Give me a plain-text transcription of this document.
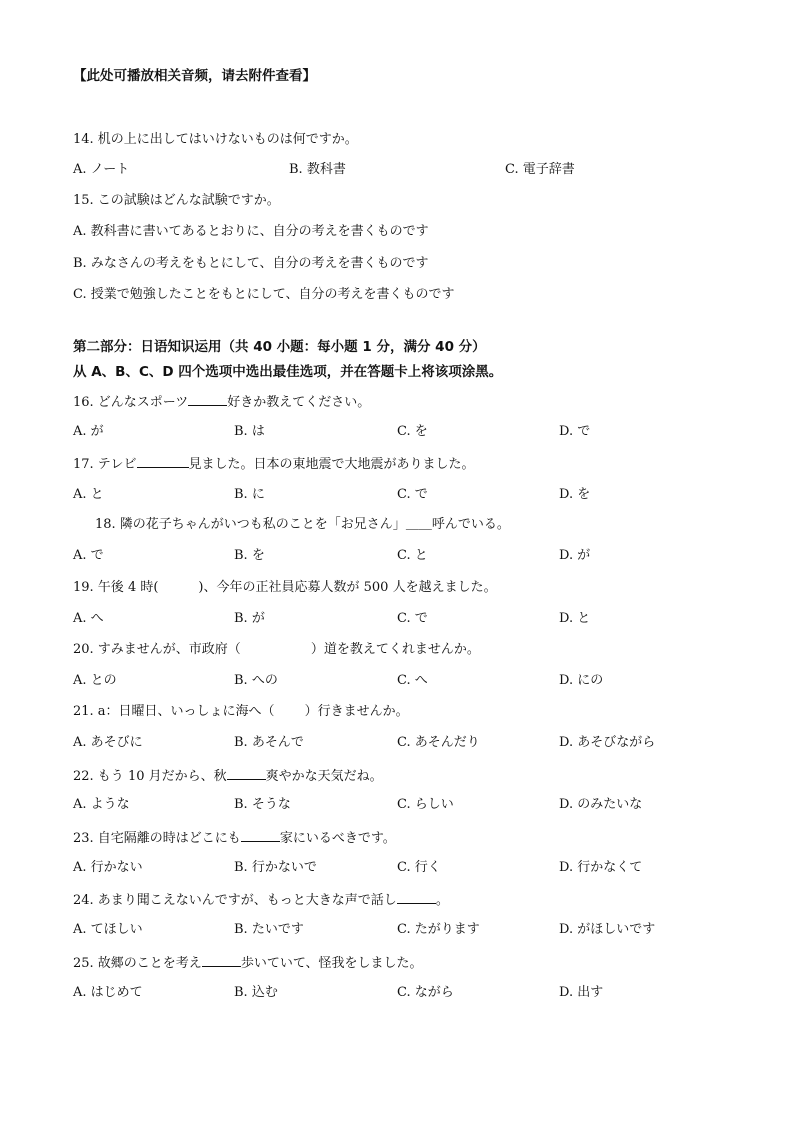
【此处可播放相关音频，请去附件查看】
14. 机の上に出してはいけないものは何ですか。
A. ノート	B. 教科書	C. 電子辞書
15. この試験はどんな試験ですか。
A. 教科書に書いてあるとおりに、自分の考えを書くものです
B. みなさんの考えをもとにして、自分の考えを書くものです
C. 授業で勉強したことをもとにして、自分の考えを書くものです
第二部分：日语知识运用（共 40 小题：每小题 1 分，满分 40 分）
从 A、B、C、D 四个选项中选出最佳选项，并在答题卡上将该项涂黑。
16. どんなスポーツ	好きか教えてください。
A. が	B. は	C. を	D. で
17. テレビ	見ました。日本の東地震で大地震がありました。
A. と	B. に	C. で	D. を
18. 隣の花子ちゃんがいつも私のことを「お兄さん」＿＿呼んでいる。
A. で	B. を	C. と	D. が
19. 午後 4 時(	)、今年の正社員応募人数が 500 人を越えました。
A. へ	B. が	C. で	D. と
20. すみませんが、市政府（	）道を教えてくれませんか。
A. との	B. への	C. へ	D. にの
21. a：日曜日、いっしょに海へ（ ）行きませんか。
A. あそびに	B. あそんで	C. あそんだり	D. あそびながら
22. もう 10 月だから、秋	爽やかな天気だね。
A. ような	B. そうな	C. らしい	D. のみたいな
23. 自宅隔離の時はどこにも	家にいるべきです。
A. 行かない	B. 行かないで	C. 行く	D. 行かなくて
24. あまり聞こえないんですが、もっと大きな声で話し	。
A. てほしい	B. たいです	C. たがります	D. がほしいです
25. 故郷のことを考え	歩いていて、怪我をしました。
A. はじめて	B. 込む	C. ながら	D. 出す
